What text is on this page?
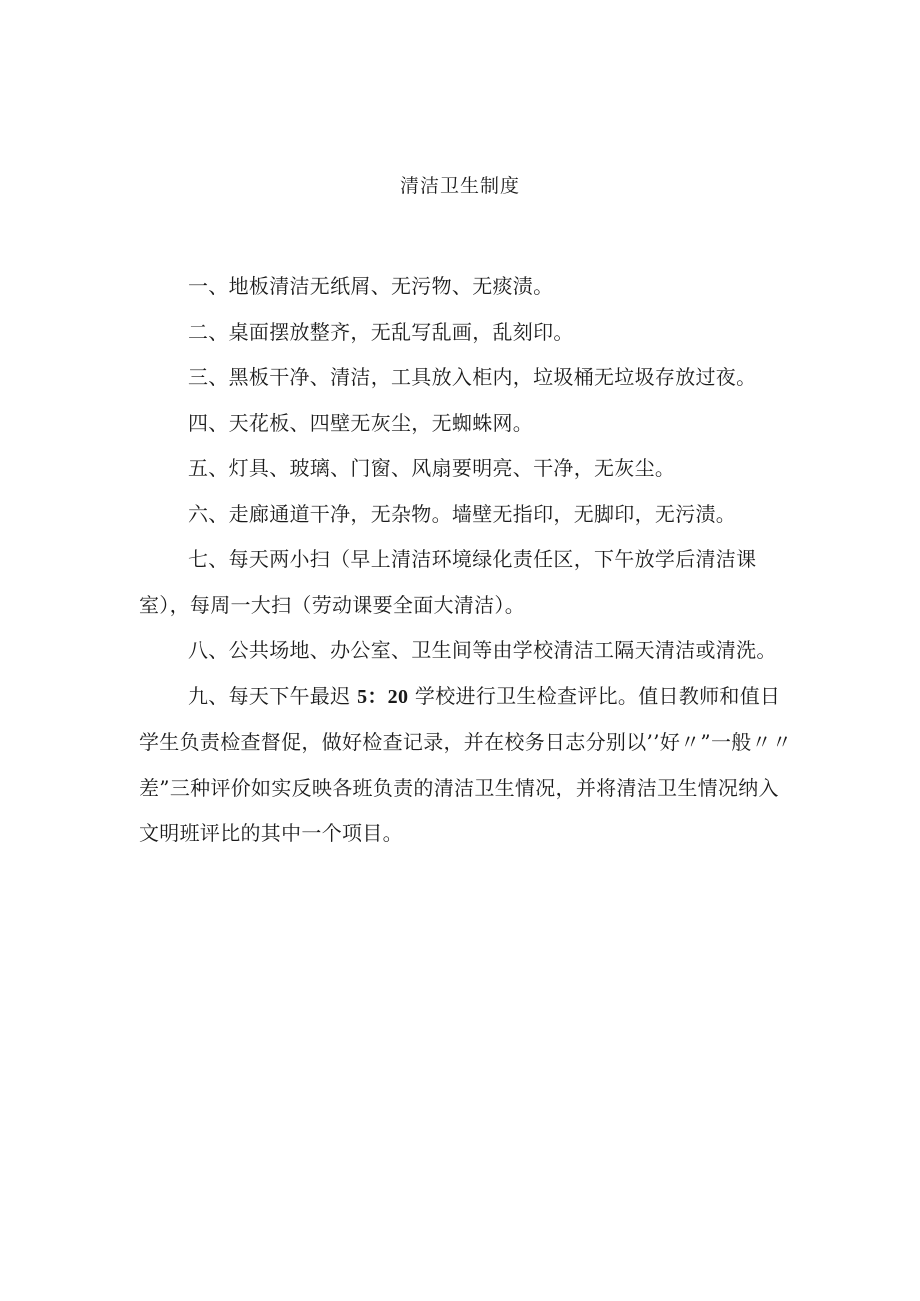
清洁卫生制度

一、地板清洁无纸屑、无污物、无痰渍。

二、桌面摆放整齐，无乱写乱画，乱刻印。

三、黑板干净、清洁，工具放入柜内，垃圾桶无垃圾存放过夜。

四、天花板、四壁无灰尘，无蜘蛛网。

五、灯具、玻璃、门窗、风扇要明亮、干净，无灰尘。

六、走廊通道干净，无杂物。墙壁无指印，无脚印，无污渍。

七、每天两小扫（早上清洁环境绿化责任区，下午放学后清洁课室），每周一大扫（劳动课要全面大清洁）。

八、公共场地、办公室、卫生间等由学校清洁工隔天清洁或清洗。

九、每天下午最迟 5：20 学校进行卫生检查评比。值日教师和值日学生负责检查督促，做好检查记录，并在校务日志分别以’’好〃”一般〃〃差”三种评价如实反映各班负责的清洁卫生情况，并将清洁卫生情况纳入文明班评比的其中一个项目。
